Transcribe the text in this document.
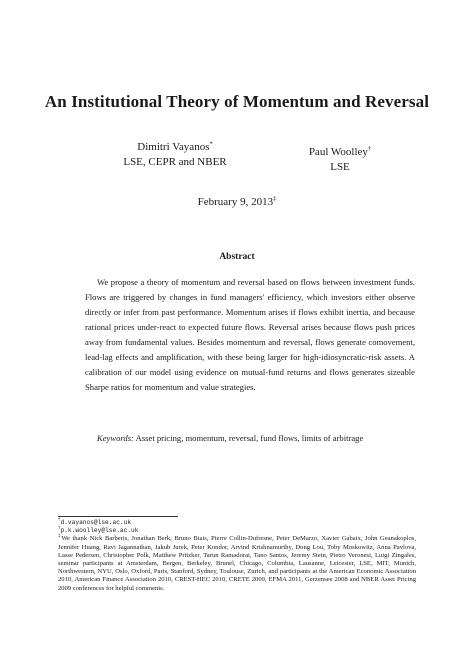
An Institutional Theory of Momentum and Reversal
Dimitri Vayanos*
LSE, CEPR and NBER
Paul Woolley†
LSE
February 9, 2013‡
Abstract

We propose a theory of momentum and reversal based on flows between investment funds. Flows are triggered by changes in fund managers' efficiency, which investors either observe directly or infer from past performance. Momentum arises if flows exhibit inertia, and because rational prices under-react to expected future flows. Reversal arises because flows push prices away from fundamental values. Besides momentum and reversal, flows generate comovement, lead-lag effects and amplification, with these being larger for high-idiosyncratic-risk assets. A calibration of our model using evidence on mutual-fund returns and flows generates sizeable Sharpe ratios for momentum and value strategies.

Keywords: Asset pricing, momentum, reversal, fund flows, limits of arbitrage
*d.vayanos@lse.ac.uk
†p.k.woolley@lse.ac.uk
‡We thank Nick Barberis, Jonathan Berk, Bruno Biais, Pierre Collin-Dufresne, Peter DeMarzo, Xavier Gabaix, John Geanakoplos, Jennifer Huang, Ravi Jagannathan, Jakub Jurek, Peter Kondor, Arvind Krishnamurthy, Dong Lou, Toby Moskowitz, Anna Pavlova, Lasse Pedersen, Christopher Polk, Matthew Pritzker, Tarun Ramadorai, Tano Santos, Jeremy Stein, Pietro Veronesi, Luigi Zingales, seminar participants at Amsterdam, Bergen, Berkeley, Brunel, Chicago, Columbia, Lausanne, Leicester, LSE, MIT, Munich, Northwestern, NYU, Oslo, Oxford, Paris, Stanford, Sydney, Toulouse, Zurich, and participants at the American Economic Association 2010, American Finance Association 2010, CREST-HEC 2010, CRETE 2009, EFMA 2011, Gerzensee 2008 and NBER Asset Pricing 2009 conferences for helpful comments.
